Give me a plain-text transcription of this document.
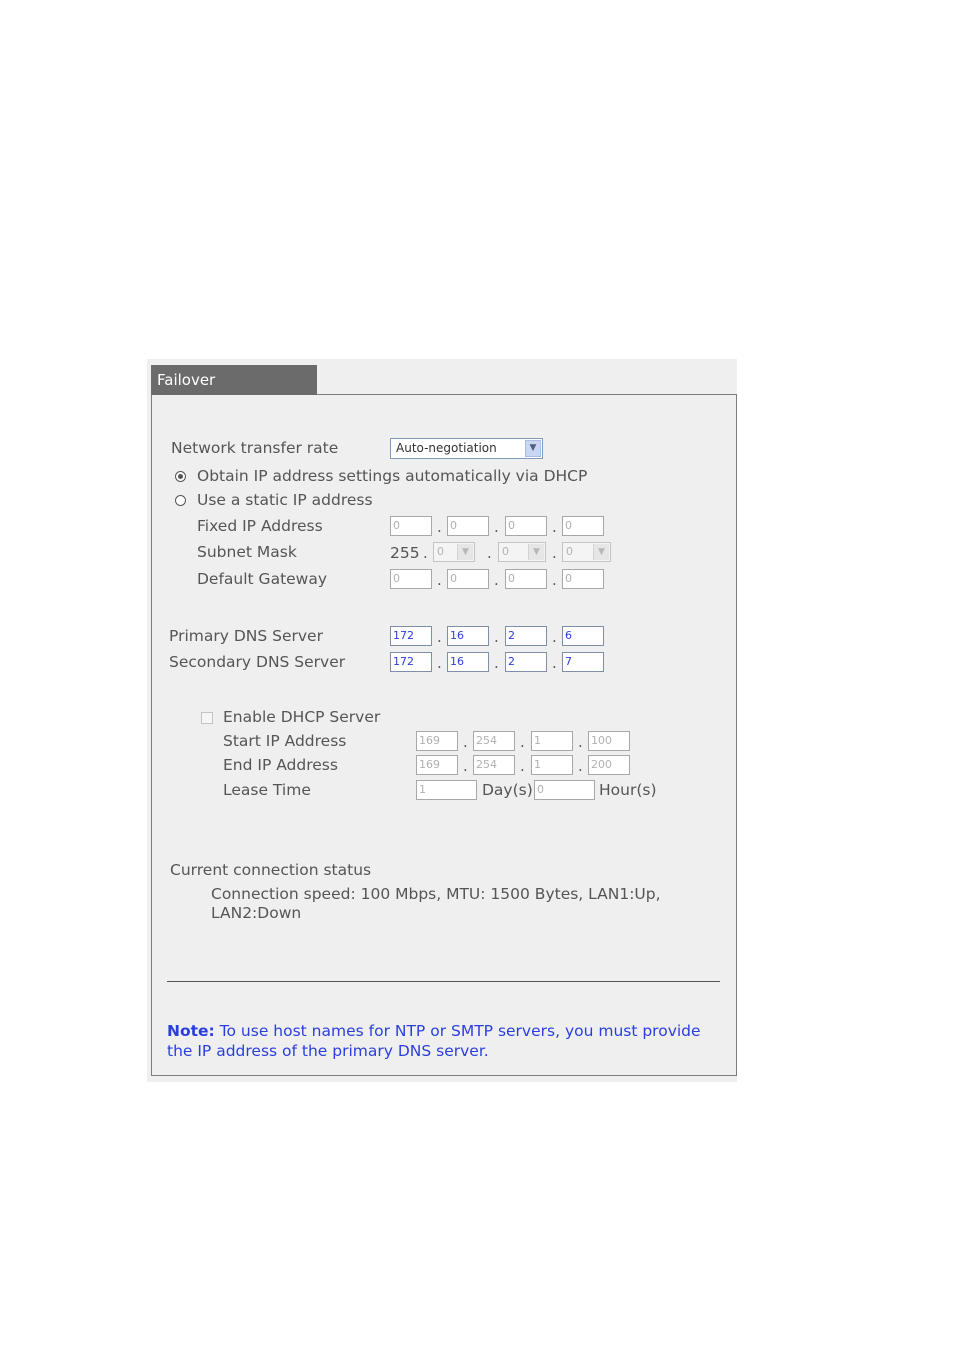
Failover
Network transfer rate	Auto-negotiation	▼
Obtain IP address settings automatically via DHCP
Use a static IP address
Fixed IP Address	0	. 0	. 0	. 0
Subnet Mask	255 . 0	▼ . 0	▼ . 0	▼
Default Gateway	0	. 0	. 0	. 0
Primary DNS Server	172	. 16	. 2	. 6
Secondary DNS Server	172	. 16	. 2	. 7
Enable DHCP Server
Start IP Address	169	. 254	. 1	. 100
End IP Address	169	. 254	. 1	. 200
Lease Time	1	Day(s) 0	Hour(s)
Current connection status
Connection speed: 100 Mbps, MTU: 1500 Bytes, LAN1:Up,
LAN2:Down
Note: To use host names for NTP or SMTP servers, you must provide the IP address of the primary DNS server.
